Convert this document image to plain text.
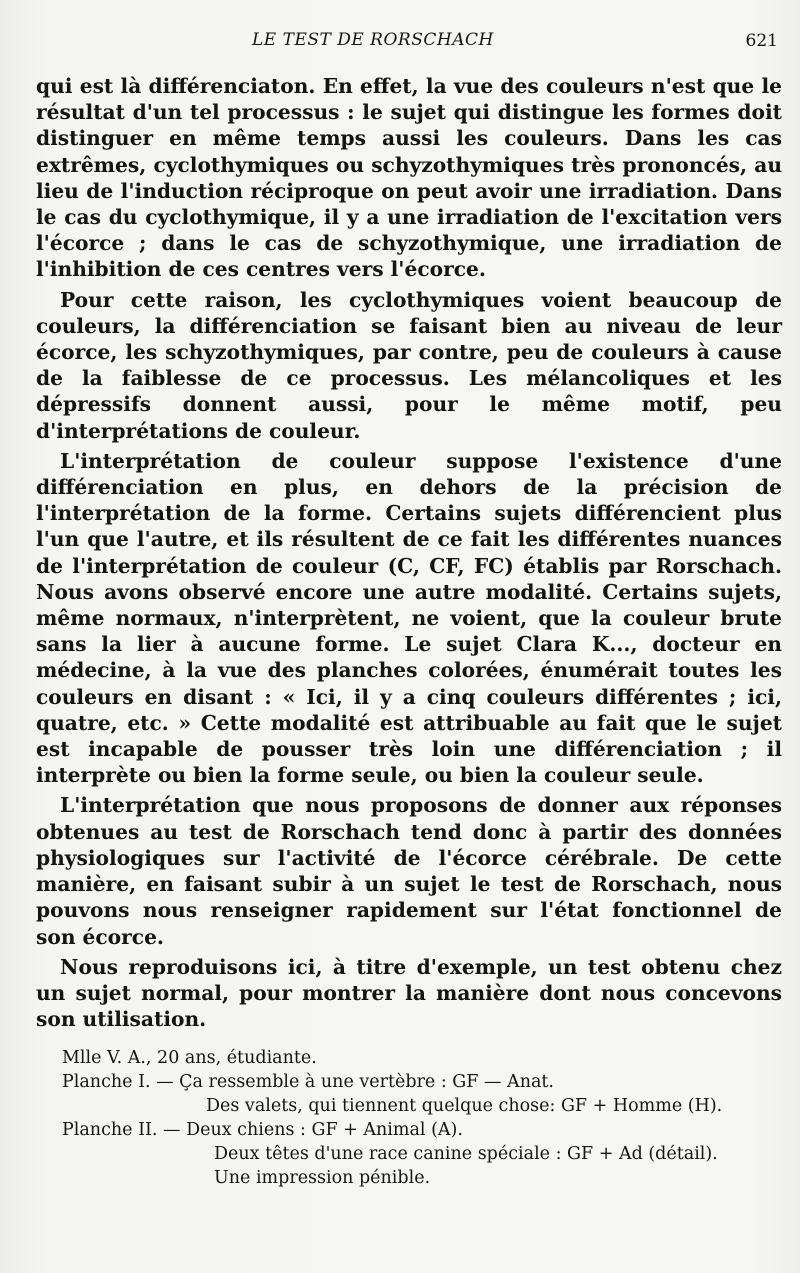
LE TEST DE RORSCHACH	621

qui est là différenciaton. En effet, la vue des couleurs n'est que le résultat d'un tel processus : le sujet qui distingue les formes doit distinguer en même temps aussi les couleurs. Dans les cas extrêmes, cyclothymiques ou schyzothymiques très prononcés, au lieu de l'induction réciproque on peut avoir une irradiation. Dans le cas du cyclothymique, il y a une irradiation de l'excitation vers l'écorce ; dans le cas de schyzothymique, une irradiation de l'inhibition de ces centres vers l'écorce.

Pour cette raison, les cyclothymiques voient beaucoup de couleurs, la différenciation se faisant bien au niveau de leur écorce, les schyzothymiques, par contre, peu de couleurs à cause de la faiblesse de ce processus. Les mélancoliques et les dépressifs donnent aussi, pour le même motif, peu d'interprétations de couleur.

L'interprétation de couleur suppose l'existence d'une différenciation en plus, en dehors de la précision de l'interprétation de la forme. Certains sujets différencient plus l'un que l'autre, et ils résultent de ce fait les différentes nuances de l'interprétation de couleur (C, CF, FC) établis par Rorschach. Nous avons observé encore une autre modalité. Certains sujets, même normaux, n'interprètent, ne voient, que la couleur brute sans la lier à aucune forme. Le sujet Clara K..., docteur en médecine, à la vue des planches colorées, énumérait toutes les couleurs en disant : « Ici, il y a cinq couleurs différentes ; ici, quatre, etc. » Cette modalité est attribuable au fait que le sujet est incapable de pousser très loin une différenciation ; il interprète ou bien la forme seule, ou bien la couleur seule.

L'interprétation que nous proposons de donner aux réponses obtenues au test de Rorschach tend donc à partir des données physiologiques sur l'activité de l'écorce cérébrale. De cette manière, en faisant subir à un sujet le test de Rorschach, nous pouvons nous renseigner rapidement sur l'état fonctionnel de son écorce.

Nous reproduisons ici, à titre d'exemple, un test obtenu chez un sujet normal, pour montrer la manière dont nous concevons son utilisation.

Mlle V. A., 20 ans, étudiante.
Planche I. — Ça ressemble à une vertèbre : GF — Anat.
Des valets, qui tiennent quelque chose: GF + Homme (H).
Planche II. — Deux chiens : GF + Animal (A).
Deux têtes d'une race canine spéciale : GF + Ad (détail).
Une impression pénible.
